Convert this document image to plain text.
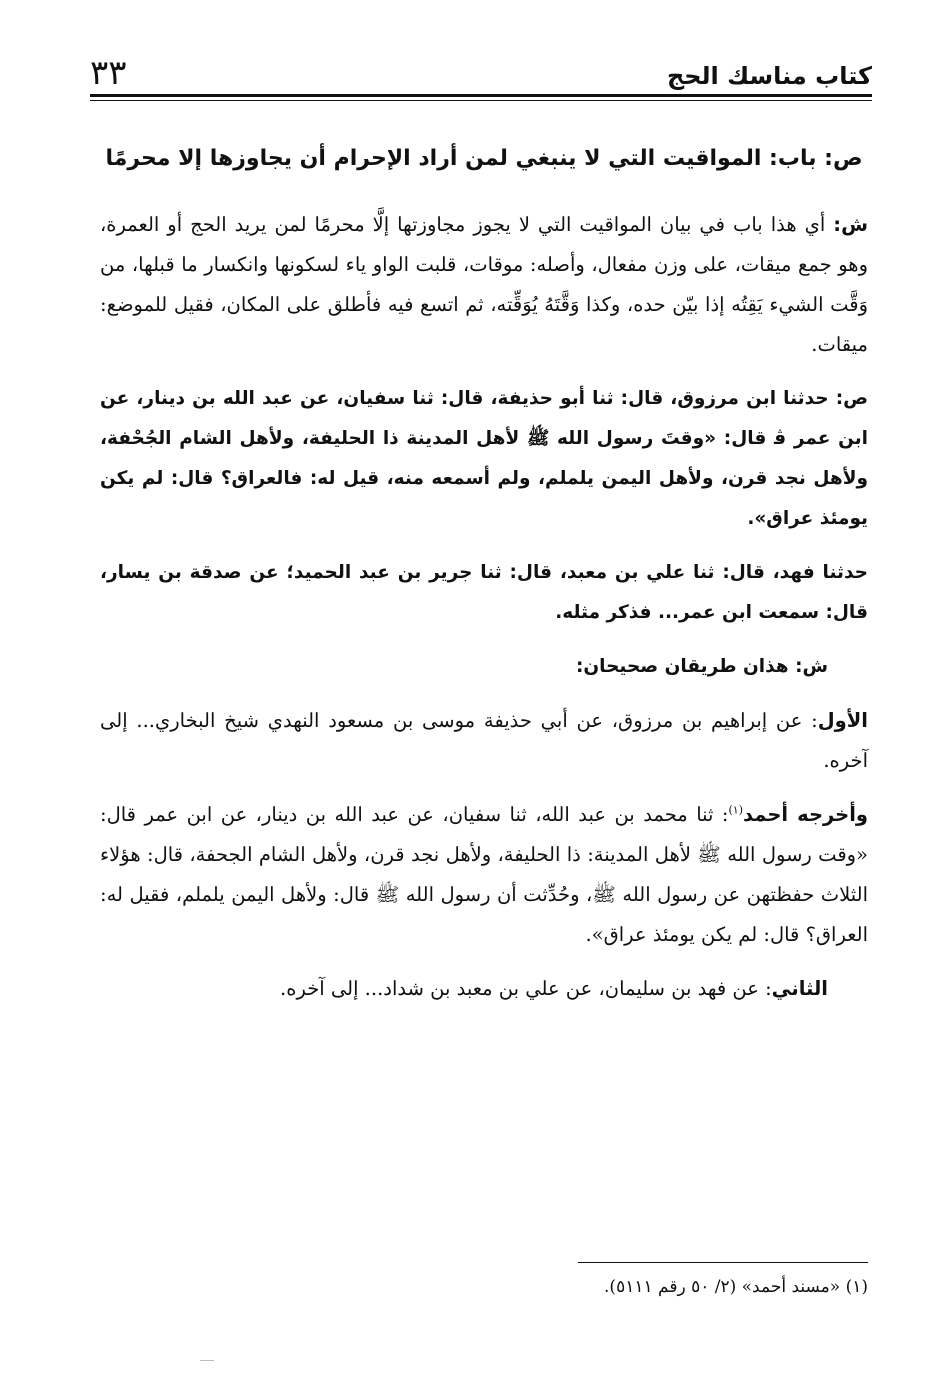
كتاب مناسك الحج
٣٣

ص: باب: المواقيت التي لا ينبغي لمن أراد الإحرام أن يجاوزها إلا محرمًا

ش: أي هذا باب في بيان المواقيت التي لا يجوز مجاوزتها إلَّا محرمًا لمن يريد الحج أو العمرة، وهو جمع ميقات، على وزن مفعال، وأصله: موقات، قلبت الواو ياء لسكونها وانكسار ما قبلها، من وَقَّت الشيء يَقِتُه إذا بيّن حده، وكذا وَقَّتَهُ يُوَقِّته، ثم اتسع فيه فأطلق على المكان، فقيل للموضع: ميقات.

ص: حدثنا ابن مرزوق، قال: ثنا أبو حذيفة، قال: ثنا سفيان، عن عبد الله بن دينار، عن ابن عمر ﭬ قال: «وقتَ رسول الله ﷺ لأهل المدينة ذا الحليفة، ولأهل الشام الجُحْفة، ولأهل نجد قرن، ولأهل اليمن يلملم، ولم أسمعه منه، قيل له: فالعراق؟ قال: لم يكن يومئذ عراق».

حدثنا فهد، قال: ثنا علي بن معبد، قال: ثنا جرير بن عبد الحميد؛ عن صدقة بن يسار، قال: سمعت ابن عمر... فذكر مثله.

ش: هذان طريقان صحيحان:

الأول: عن إبراهيم بن مرزوق، عن أبي حذيفة موسى بن مسعود النهدي شيخ البخاري... إلى آخره.

وأخرجه أحمد$^{(١)}$: ثنا محمد بن عبد الله، ثنا سفيان، عن عبد الله بن دينار، عن ابن عمر قال: «وقت رسول الله ﷺ لأهل المدينة: ذا الحليفة، ولأهل نجد قرن، ولأهل الشام الجحفة، قال: هؤلاء الثلاث حفظتهن عن رسول الله ﷺ، وحُدِّثت أن رسول الله ﷺ قال: ولأهل اليمن يلملم، فقيل له: العراق؟ قال: لم يكن يومئذ عراق».

الثاني: عن فهد بن سليمان، عن علي بن معبد بن شداد... إلى آخره.

(١) «مسند أحمد» (٢/ ٥٠ رقم ٥١١١).
